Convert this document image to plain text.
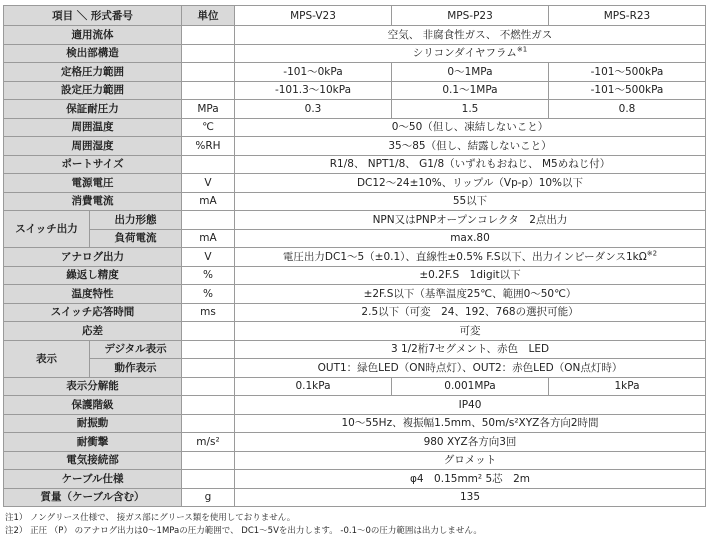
項目 ＼ 形式番号		単位	MPS-V23	MPS-P23	MPS-R23
適用流体			空気、 非腐食性ガス、 不燃性ガス		
検出部構造			シリコンダイヤフラム$^{※1}$
定格圧力範囲			-101～0kPa	0～1MPa	-101～500kPa
設定圧力範囲			-101.3～10kPa	0.1～1MPa	-101～500kPa
保証耐圧力		MPa	0.3	1.5	0.8
周囲温度		℃	0～50（但し、凍結しないこと）		
周囲湿度		%RH	35～85（但し、結露しないこと）		
ポートサイズ			R1/8、 NPT1/8、 G1/8（いずれもおねじ、 M5めねじ付）		
電源電圧		V	DC12～24±10%、リップル（Vp-p）10%以下		
消費電流		mA	55以下		
スイッチ出力	出力形態		NPN又はPNPオープンコレクタ　2点出力		
	負荷電流	mA	max.80		
アナログ出力		V	電圧出力DC1～5（±0.1）、直線性±0.5% F.S以下、出力インピーダンス$1k\Omega^{※2}$
繰返し精度		%	±0.2F.S　1digit以下		
温度特性		%	±2F.S以下（基準温度25℃、範囲0～50℃）		
スイッチ応答時間		ms	2.5以下（可変　24、192、768の選択可能）		
応差			可変		
表示	デジタル表示		3 1/2桁7セグメント、赤色　LED		
	動作表示		OUT1：緑色LED（ON時点灯）、OUT2：赤色LED（ON点灯時）		
表示分解能			0.1kPa	0.001MPa	1kPa
保護階級			IP40		
耐振動			10～55Hz、複振幅1.5mm、50m/s²XYZ各方向2時間		
耐衝撃		m/s²	980 XYZ各方向3回		
電気接続部			グロメット		
ケーブル仕様			φ4　0.15mm² 5芯　2m		
質量（ケーブル含む）		g	135		
注1） ノングリース仕様で、 接ガス部にグリース類を使用しておりません。
注2） 正圧 （P） のアナログ出力は0～1MPaの圧力範囲で、 DC1～5Vを出力します。 -0.1～0の圧力範囲は出力しません。
